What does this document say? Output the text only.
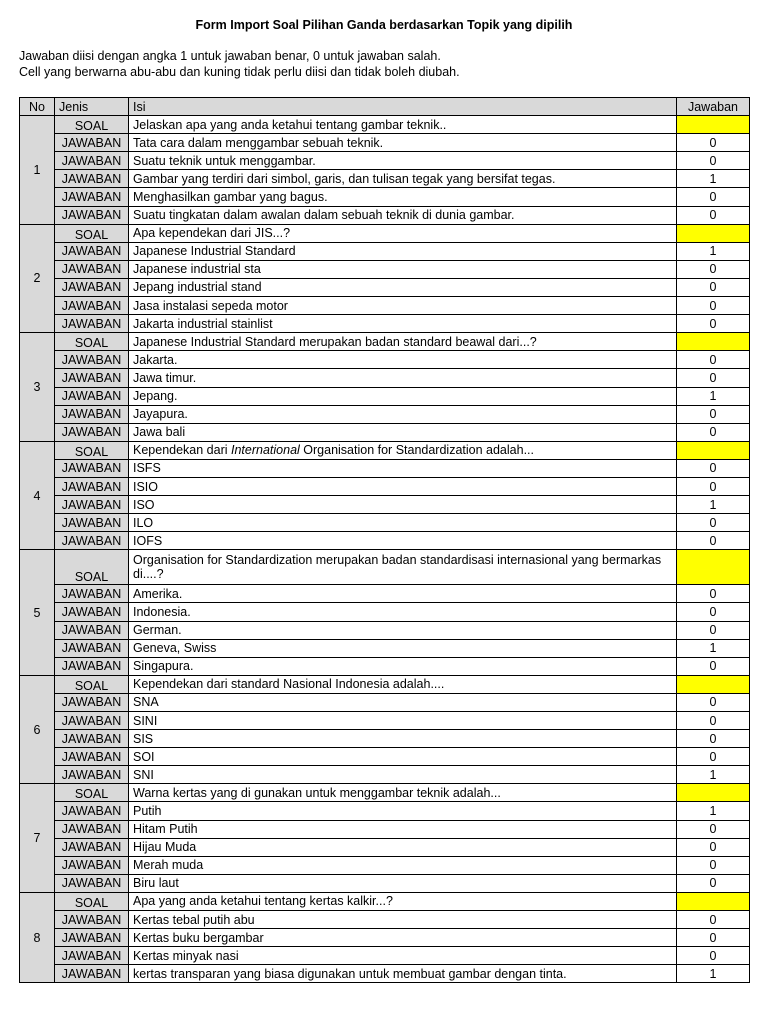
Form Import Soal Pilihan Ganda berdasarkan Topik yang dipilih
Jawaban diisi dengan angka 1 untuk jawaban benar, 0 untuk jawaban salah.
Cell yang berwarna abu-abu dan kuning tidak perlu diisi dan tidak boleh diubah.
No	Jenis	Isi	Jawaban
1	SOAL	Jelaskan apa yang anda ketahui tentang gambar teknik..	
	JAWABAN	Tata cara dalam menggambar sebuah teknik.	0
	JAWABAN	Suatu teknik untuk menggambar.	0
	JAWABAN	Gambar yang terdiri dari simbol, garis, dan tulisan tegak yang bersifat tegas.	1
	JAWABAN	Menghasilkan gambar yang bagus.	0
	JAWABAN	Suatu tingkatan dalam awalan dalam sebuah teknik di dunia gambar.	0
2	SOAL	Apa kependekan dari JIS...?	
	JAWABAN	Japanese Industrial Standard	1
	JAWABAN	Japanese industrial sta	0
	JAWABAN	Jepang industrial stand	0
	JAWABAN	Jasa instalasi sepeda motor	0
	JAWABAN	Jakarta industrial stainlist	0
3	SOAL	Japanese Industrial Standard merupakan badan standard beawal dari...?	
	JAWABAN	Jakarta.	0
	JAWABAN	Jawa timur.	0
	JAWABAN	Jepang.	1
	JAWABAN	Jayapura.	0
	JAWABAN	Jawa bali	0
4	SOAL	Kependekan dari International Organisation for Standardization adalah...	
	JAWABAN	ISFS	0
	JAWABAN	ISIO	0
	JAWABAN	ISO	1
	JAWABAN	ILO	0
	JAWABAN	IOFS	0
5	SOAL	Organisation for Standardization merupakan badan standardisasi internasional yang bermarkas di....?	
	JAWABAN	Amerika.	0
	JAWABAN	Indonesia.	0
	JAWABAN	German.	0
	JAWABAN	Geneva, Swiss	1
	JAWABAN	Singapura.	0
6	SOAL	Kependekan dari standard Nasional Indonesia adalah....	
	JAWABAN	SNA	0
	JAWABAN	SINI	0
	JAWABAN	SIS	0
	JAWABAN	SOI	0
	JAWABAN	SNI	1
7	SOAL	Warna kertas yang di gunakan untuk menggambar teknik adalah...	
	JAWABAN	Putih	1
	JAWABAN	Hitam Putih	0
	JAWABAN	Hijau Muda	0
	JAWABAN	Merah muda	0
	JAWABAN	Biru laut	0
8	SOAL	Apa yang anda ketahui tentang kertas kalkir...?	
	JAWABAN	Kertas tebal putih abu	0
	JAWABAN	Kertas buku bergambar	0
	JAWABAN	Kertas minyak nasi	0
	JAWABAN	kertas transparan yang biasa digunakan untuk membuat gambar dengan tinta.	1
